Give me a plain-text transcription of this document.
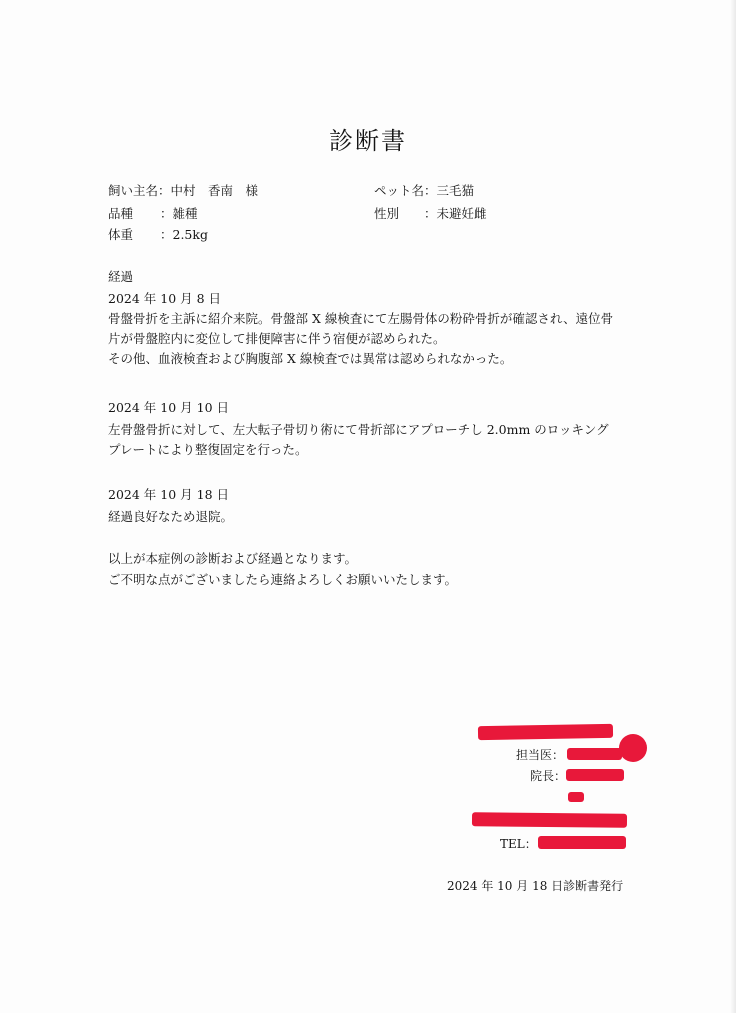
診断書
飼い主名：中村　香南　様	ペット名：三毛猫
品種 ：雑種	性別 ：未避妊雌
体重 ：2.5kg
経過
2024 年 10 月 8 日
骨盤骨折を主訴に紹介来院。骨盤部 X 線検査にて左腸骨体の粉砕骨折が確認され、遠位骨
片が骨盤腔内に変位して排便障害に伴う宿便が認められた。
その他、血液検査および胸腹部 X 線検査では異常は認められなかった。
2024 年 10 月 10 日
左骨盤骨折に対して、左大転子骨切り術にて骨折部にアプローチし 2.0mm のロッキング
プレートにより整復固定を行った。
2024 年 10 月 18 日
経過良好なため退院。
以上が本症例の診断および経過となります。
ご不明な点がございましたら連絡よろしくお願いいたします。
担当医：
院長：
TEL：
2024 年 10 月 18 日診断書発行
